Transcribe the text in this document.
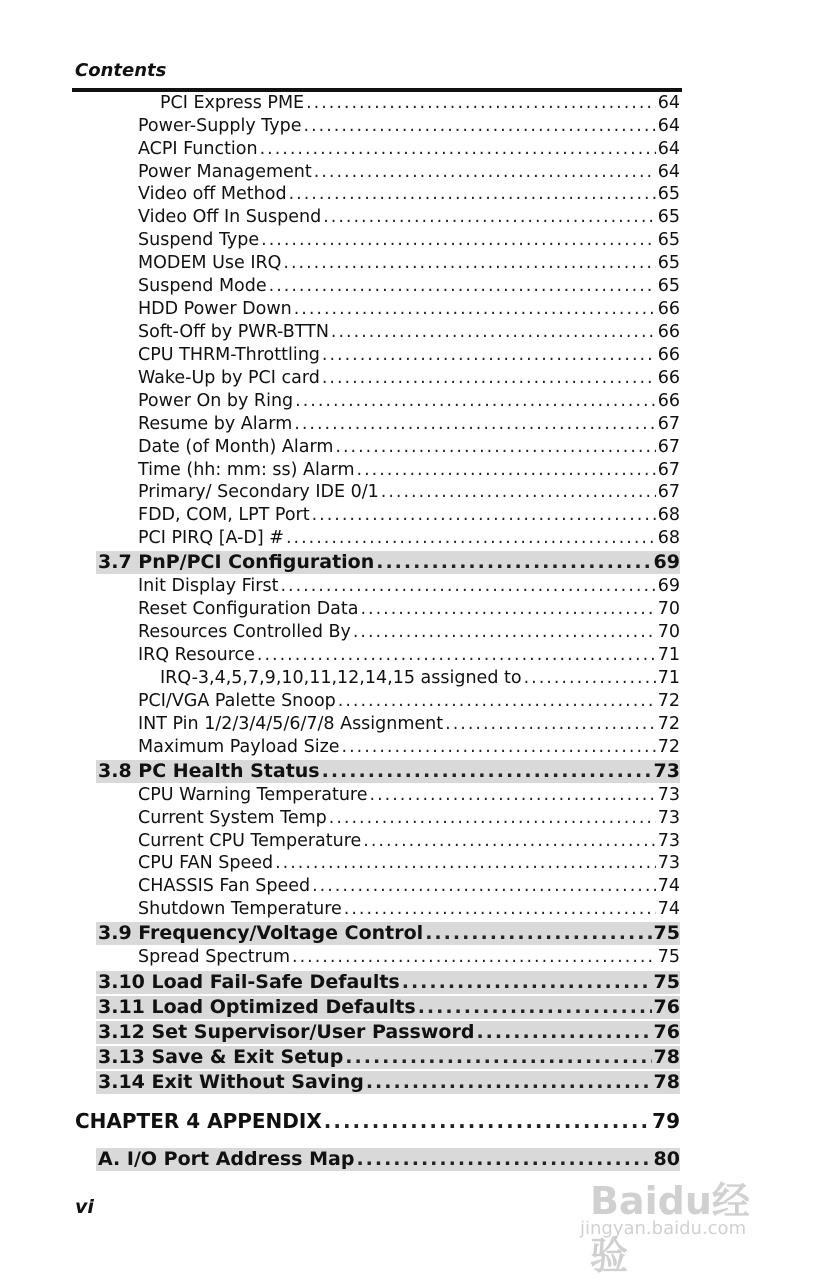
Contents
PCI Express PME .....	64
Power-Supply Type .....	64
ACPI Function .....	64
Power Management .....	64
Video off Method .....	65
Video Off In Suspend .....	65
Suspend Type .....	65
MODEM Use IRQ .....	65
Suspend Mode .....	65
HDD Power Down .....	66
Soft-Off by PWR-BTTN .....	66
CPU THRM-Throttling .....	66
Wake-Up by PCI card .....	66
Power On by Ring .....	66
Resume by Alarm .....	67
Date (of Month) Alarm .....	67
Time (hh: mm: ss) Alarm .....	67
Primary/ Secondary IDE 0/1 .....	67
FDD, COM, LPT Port .....	68
PCI PIRQ [A-D] # .....	68
3.7 PnP/PCI Configuration .....	69
Init Display First .....	69
Reset Configuration Data .....	70
Resources Controlled By .....	70
IRQ Resource .....	71
IRQ-3,4,5,7,9,10,11,12,14,15 assigned to .....	71
PCI/VGA Palette Snoop .....	72
INT Pin 1/2/3/4/5/6/7/8 Assignment .....	72
Maximum Payload Size .....	72
3.8 PC Health Status .....	73
CPU Warning Temperature .....	73
Current System Temp .....	73
Current CPU Temperature .....	73
CPU FAN Speed .....	73
CHASSIS Fan Speed .....	74
Shutdown Temperature .....	74
3.9 Frequency/Voltage Control .....	75
Spread Spectrum .....	75
3.10 Load Fail-Safe Defaults .....	75
3.11 Load Optimized Defaults .....	76
3.12 Set Supervisor/User Password .....	76
3.13 Save & Exit Setup .....	78
3.14 Exit Without Saving .....	78
CHAPTER 4 APPENDIX .....	79
A. I/O Port Address Map .....	80
vi	Baidu经验
jingyan.baidu.com
